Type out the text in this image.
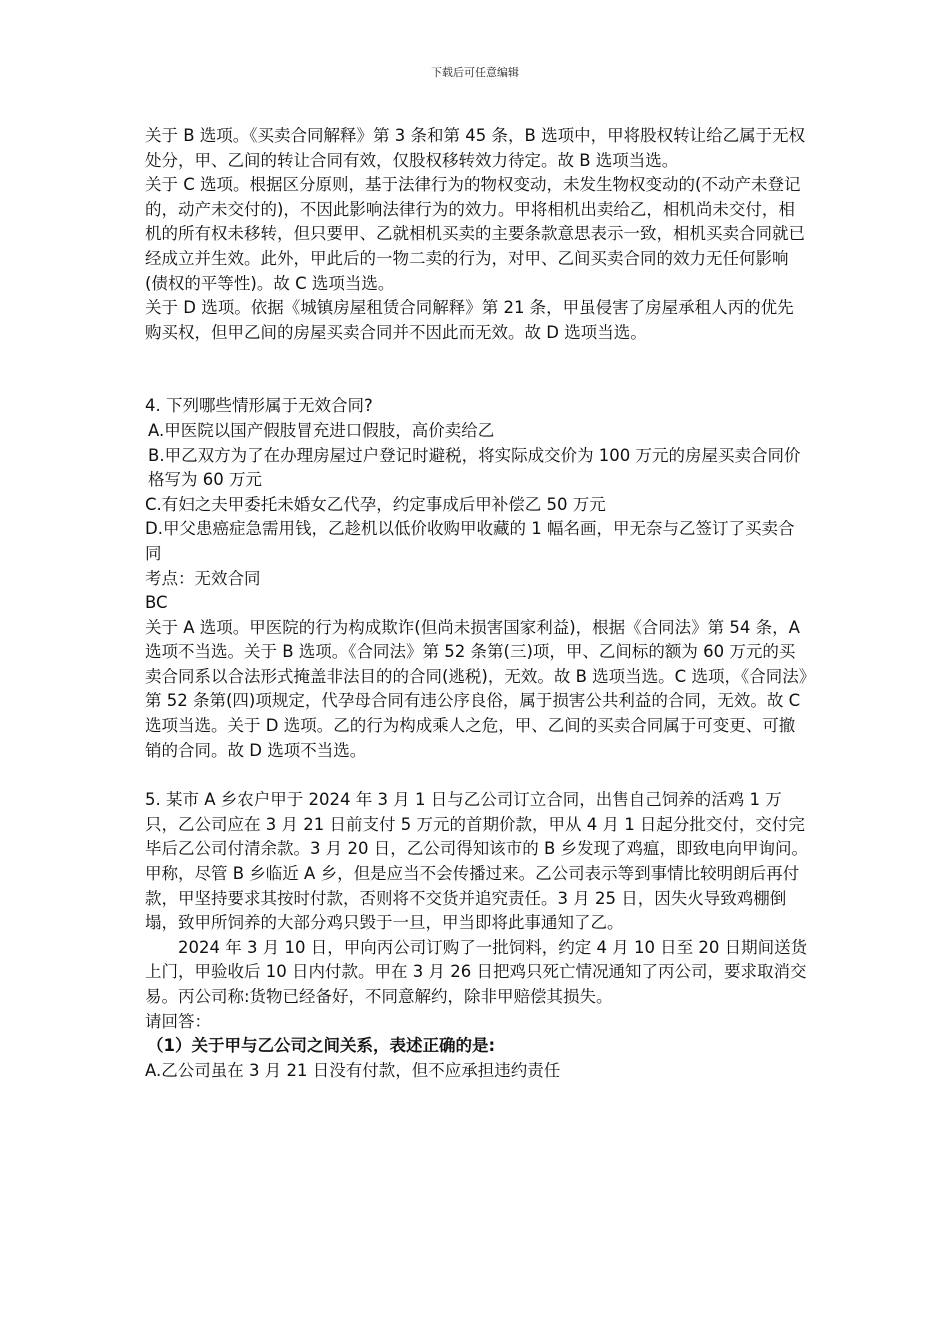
下载后可任意编辑

关于 B 选项。《买卖合同解释》第 3 条和第 45 条，B 选项中，甲将股权转让给乙属于无权处分，甲、乙间的转让合同有效，仅股权移转效力待定。故 B 选项当选。

关于 C 选项。根据区分原则，基于法律行为的物权变动，未发生物权变动的(不动产未登记的，动产未交付的)，不因此影响法律行为的效力。甲将相机出卖给乙，相机尚未交付，相机的所有权未移转，但只要甲、乙就相机买卖的主要条款意思表示一致，相机买卖合同就已经成立并生效。此外，甲此后的一物二卖的行为，对甲、乙间买卖合同的效力无任何影响(债权的平等性)。故 C 选项当选。

关于 D 选项。依据《城镇房屋租赁合同解释》第 21 条，甲虽侵害了房屋承租人丙的优先购买权，但甲乙间的房屋买卖合同并不因此而无效。故 D 选项当选。

4. 下列哪些情形属于无效合同?

A.甲医院以国产假肢冒充进口假肢，高价卖给乙

B.甲乙双方为了在办理房屋过户登记时避税，将实际成交价为 100 万元的房屋买卖合同价格写为 60 万元

C.有妇之夫甲委托未婚女乙代孕，约定事成后甲补偿乙 50 万元

D.甲父患癌症急需用钱，乙趁机以低价收购甲收藏的 1 幅名画，甲无奈与乙签订了买卖合同

考点：无效合同

BC

关于 A 选项。甲医院的行为构成欺诈(但尚未损害国家利益)，根据《合同法》第 54 条，A 选项不当选。关于 B 选项。《合同法》第 52 条第(三)项，甲、乙间标的额为 60 万元的买卖合同系以合法形式掩盖非法目的的合同(逃税)，无效。故 B 选项当选。C 选项，《合同法》第 52 条第(四)项规定，代孕母合同有违公序良俗，属于损害公共利益的合同，无效。故 C 选项当选。关于 D 选项。乙的行为构成乘人之危，甲、乙间的买卖合同属于可变更、可撤销的合同。故 D 选项不当选。

5. 某市 A 乡农户甲于 2024 年 3 月 1 日与乙公司订立合同，出售自己饲养的活鸡 1 万只，乙公司应在 3 月 21 日前支付 5 万元的首期价款，甲从 4 月 1 日起分批交付，交付完毕后乙公司付清余款。3 月 20 日，乙公司得知该市的 B 乡发现了鸡瘟，即致电向甲询问。甲称，尽管 B 乡临近 A 乡，但是应当不会传播过来。乙公司表示等到事情比较明朗后再付款，甲坚持要求其按时付款，否则将不交货并追究责任。3 月 25 日，因失火导致鸡棚倒塌，致甲所饲养的大部分鸡只毁于一旦，甲当即将此事通知了乙。

2024 年 3 月 10 日，甲向丙公司订购了一批饲料，约定 4 月 10 日至 20 日期间送货上门，甲验收后 10 日内付款。甲在 3 月 26 日把鸡只死亡情况通知了丙公司，要求取消交易。丙公司称:货物已经备好，不同意解约，除非甲赔偿其损失。

请回答：

（1）关于甲与乙公司之间关系，表述正确的是:

A.乙公司虽在 3 月 21 日没有付款，但不应承担违约责任
